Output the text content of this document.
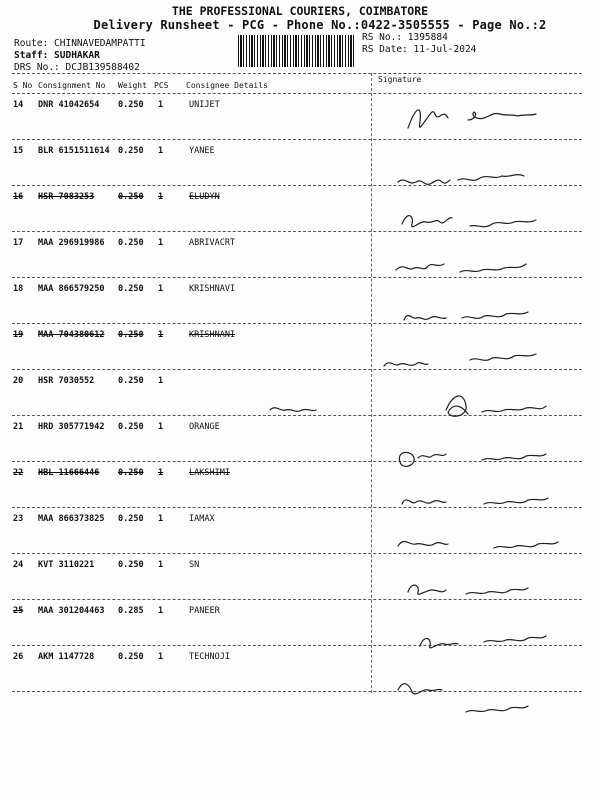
THE PROFESSIONAL COURIERS, COIMBATORE
Delivery Runsheet - PCG - Phone No.:0422-3505555 - Page No.:2
Route: CHINNAVEDAMPATTI
Staff: SUDHAKAR
DRS No.: DCJB139588402
RS No.: 1395884
RS Date: 11-Jul-2024
S No Consignment No Weight PCS Consignee Details
Signature
14 DNR 41042654 0.250 1	UNIJET
15 BLR 6151511614 0.250 1	YANEE
16 HSR 7083253	0.250 1	ELUDYN
17 MAA 296919986 0.250 1	ABRIVACRT
18 MAA 866579250 0.250 1	KRISHNAVI
19 MAA 704380612 0.250 1	KRISHNANI
20 HSR 7030552	0.250 1
21 HRD 305771942 0.250 1	ORANGE
22 HBL 11666446 0.250 1	LAKSHIMI
23 MAA 866373825 0.250 1	IAMAX
24 KVT 3110221	0.250 1	SN
25 MAA 301204463 0.285 1	PANEER
26 AKM 1147728	0.250 1	TECHNOJI
